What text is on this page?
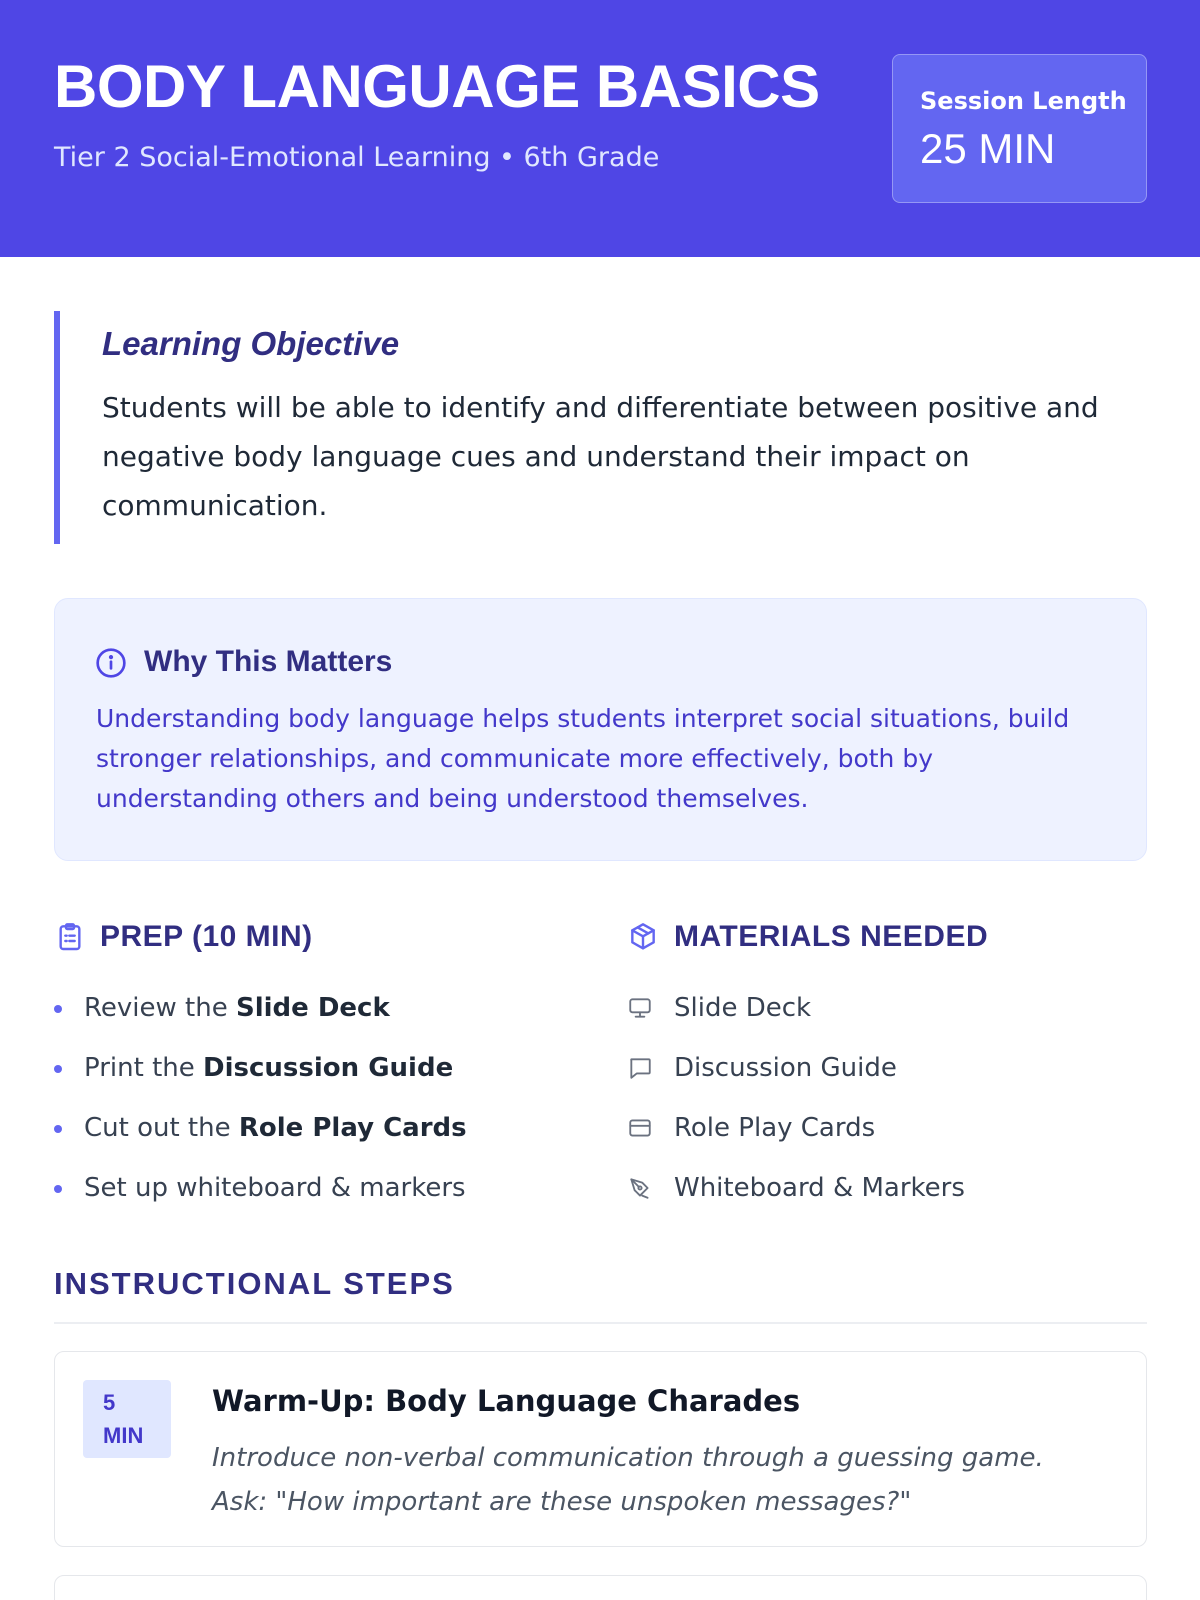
BODY LANGUAGE BASICS
Tier 2 Social-Emotional Learning • 6th Grade
Session Length
25 MIN
Learning Objective

Students will be able to identify and differentiate between positive and negative body language cues and understand their impact on communication.

Why This Matters

Understanding body language helps students interpret social situations, build stronger relationships, and communicate more effectively, both by understanding others and being understood themselves.

PREP (10 MIN)
Review the Slide Deck
Print the Discussion Guide
Cut out the Role Play Cards
Set up whiteboard & markers
MATERIALS NEEDED
Slide Deck
Discussion Guide
Role Play Cards
Whiteboard & Markers
INSTRUCTIONAL STEPS
5
MIN
Warm-Up: Body Language Charades

Introduce non-verbal communication through a guessing game. Ask: "How important are these unspoken messages?"
